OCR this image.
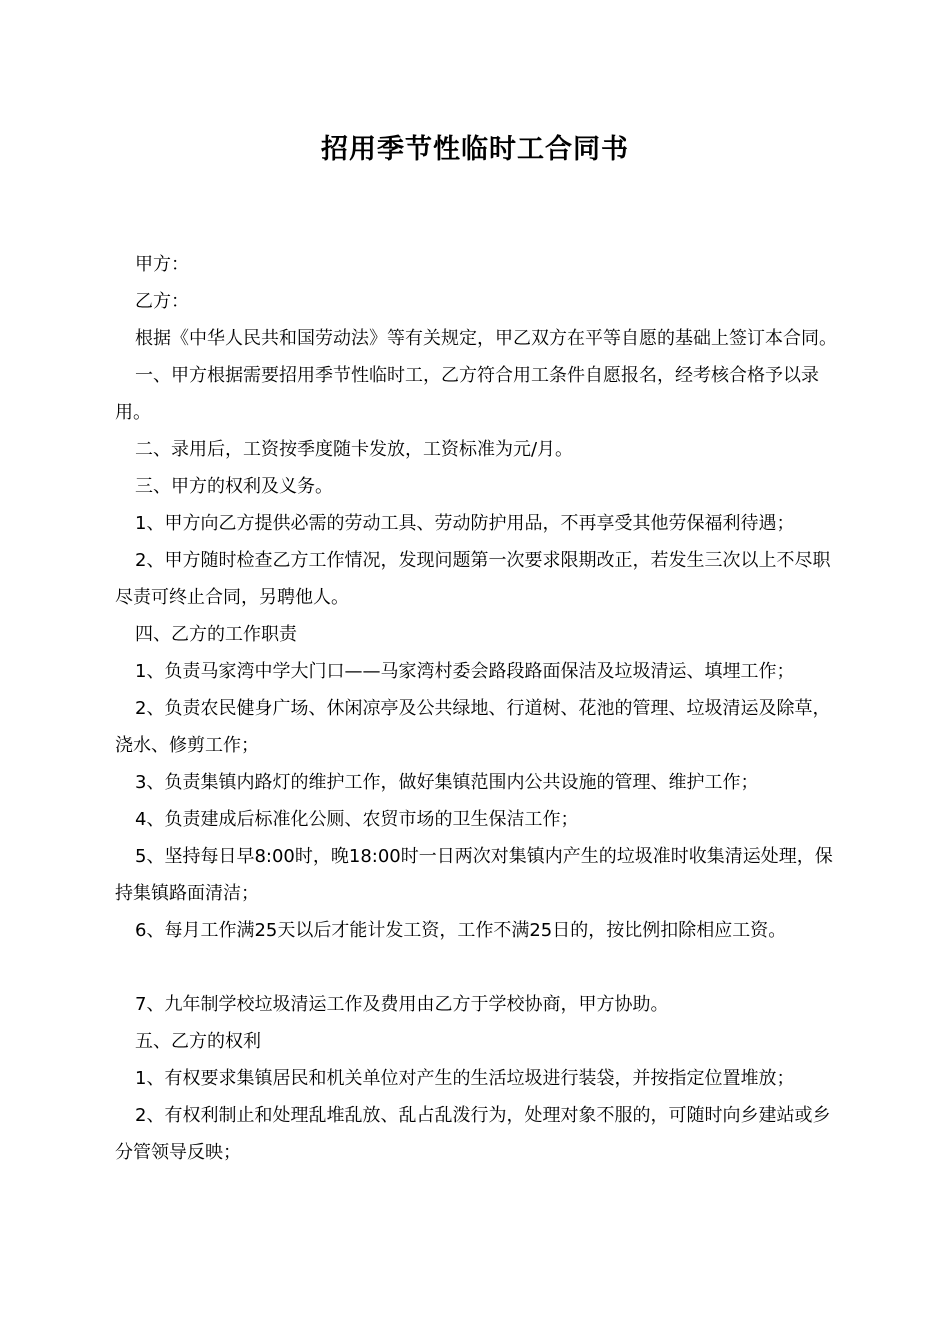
招用季节性临时工合同书

甲方：

乙方：

根据《中华人民共和国劳动法》等有关规定，甲乙双方在平等自愿的基础上签订本合同。

一、甲方根据需要招用季节性临时工，乙方符合用工条件自愿报名，经考核合格予以录用。

二、录用后，工资按季度随卡发放，工资标准为元/月。

三、甲方的权利及义务。

1、甲方向乙方提供必需的劳动工具、劳动防护用品，不再享受其他劳保福利待遇；

2、甲方随时检查乙方工作情况，发现问题第一次要求限期改正，若发生三次以上不尽职尽责可终止合同，另聘他人。

四、乙方的工作职责

1、负责马家湾中学大门口——马家湾村委会路段路面保洁及垃圾清运、填埋工作；

2、负责农民健身广场、休闲凉亭及公共绿地、行道树、花池的管理、垃圾清运及除草，浇水、修剪工作；

3、负责集镇内路灯的维护工作，做好集镇范围内公共设施的管理、维护工作；

4、负责建成后标准化公厕、农贸市场的卫生保洁工作；

5、坚持每日早8:00时，晚18:00时一日两次对集镇内产生的垃圾准时收集清运处理，保持集镇路面清洁；

6、每月工作满25天以后才能计发工资，工作不满25日的，按比例扣除相应工资。

7、九年制学校垃圾清运工作及费用由乙方于学校协商，甲方协助。

五、乙方的权利

1、有权要求集镇居民和机关单位对产生的生活垃圾进行装袋，并按指定位置堆放；

2、有权利制止和处理乱堆乱放、乱占乱泼行为，处理对象不服的，可随时向乡建站或乡分管领导反映；
